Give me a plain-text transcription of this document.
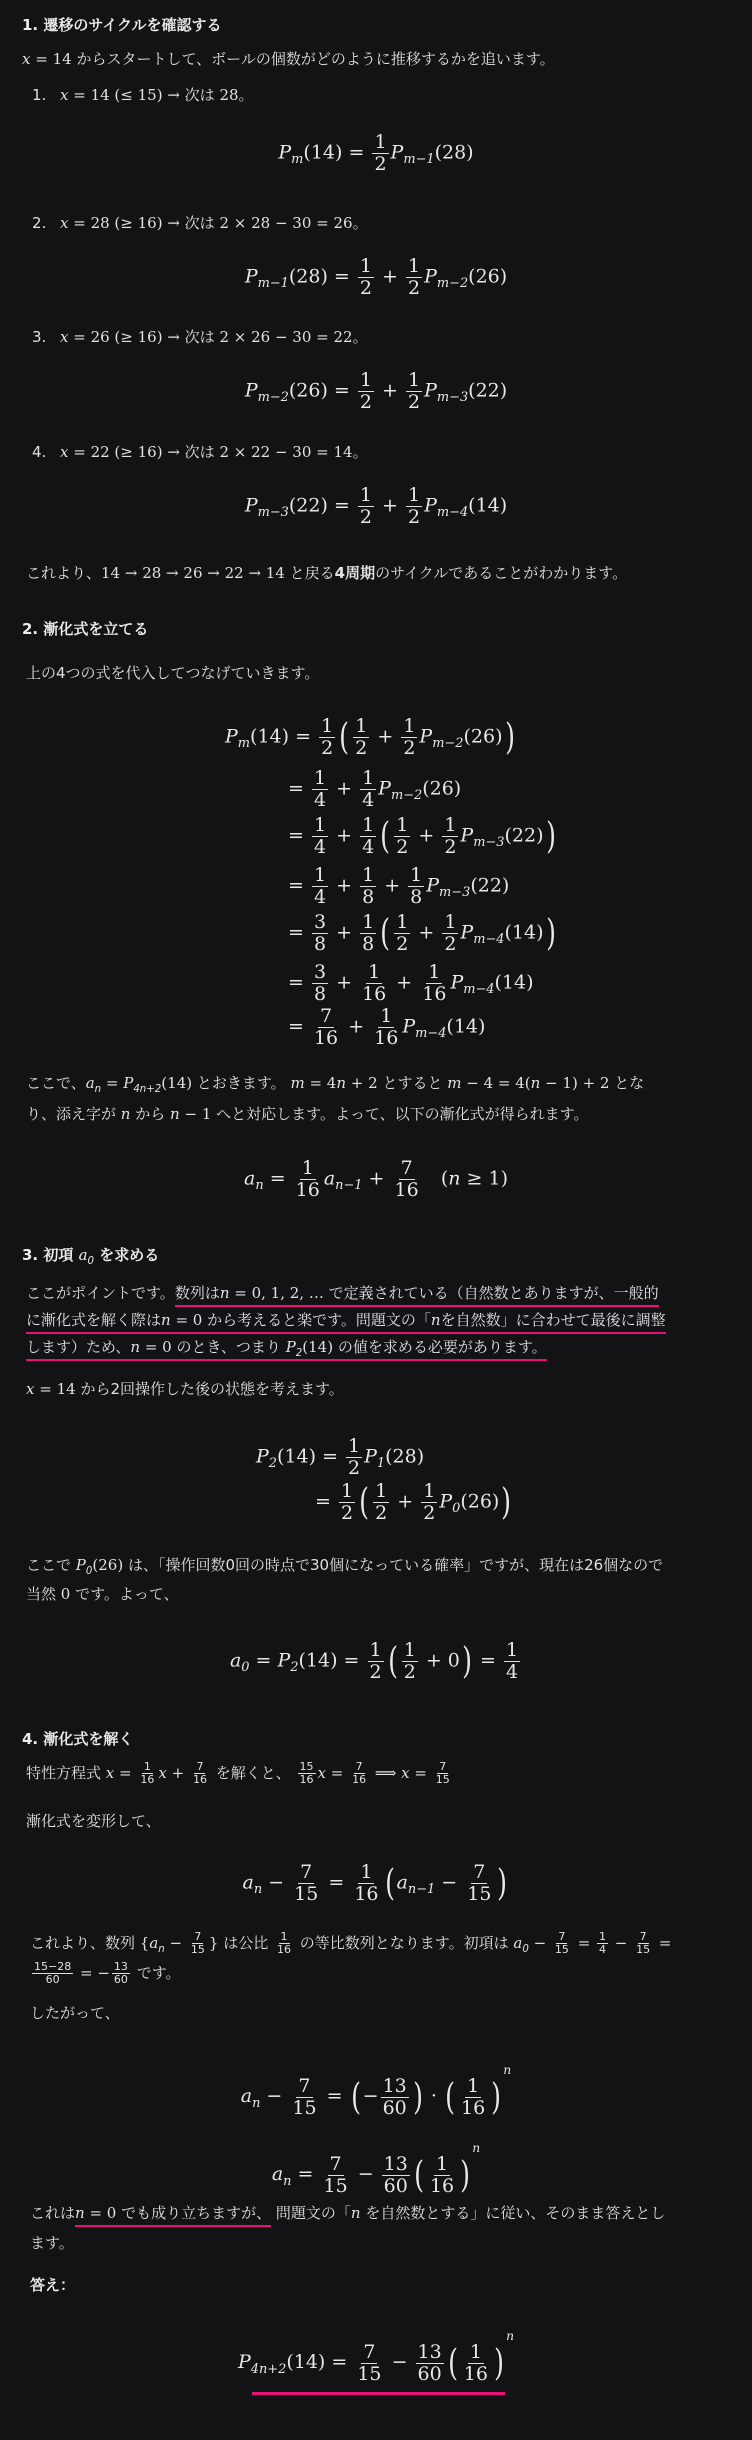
1. 遷移のサイクルを確認する
x = 14 からスタートして、ボールの個数がどのように推移するかを追います。
1. x = 14 (≤ 15) → 次は 28。
$P_m(14) = \frac{1}{2} P_{m-1}(28)$
2. x = 28 (≥ 16) → 次は 2 × 28 − 30 = 26。
$P_{m-1}(28) = \frac{1}{2} + \frac{1}{2} P_{m-2}(26)$
3. x = 26 (≥ 16) → 次は 2 × 26 − 30 = 22。
$P_{m-2}(26) = \frac{1}{2} + \frac{1}{2} P_{m-3}(22)$
4. x = 22 (≥ 16) → 次は 2 × 22 − 30 = 14。
$P_{m-3}(22) = \frac{1}{2} + \frac{1}{2} P_{m-4}(14)$
これより、14 → 28 → 26 → 22 → 14 と戻る4周期のサイクルであることがわかります。
2. 漸化式を立てる
上の4つの式を代入してつなげていきます。
$P_m(14) = \frac{1}{2}$ ( $\frac{1}{2} + \frac{1}{2} P_{m-2}(26)$)
= $\frac{1}{4} + \frac{1}{4} P_{m-2}(26)$
= $\frac{1}{4} + \frac{1}{4}$ ( $\frac{1}{2} + \frac{1}{2} P_{m-3}(22)$)
= $\frac{1}{4} + \frac{1}{8} + \frac{1}{8} P_{m-3}(22)$
= $\frac{3}{8} + \frac{1}{8}$ ( $\frac{1}{2} + \frac{1}{2} P_{m-4}(14)$)
= $\frac{3}{8} + \frac{1}{16} + \frac{1}{16} P_{m-4}(14)$
= $\frac{7}{16} + \frac{1}{16} P_{m-4}(14)$
ここで、$a_n = P_{4n+2}(14)$ とおきます。 m = 4n + 2 とすると m − 4 = 4(n − 1) + 2 とな
り、添え字が n から n − 1 へと対応します。よって、以下の漸化式が得られます。
$a_n = \frac{1}{16} a_{n-1} + \frac{7}{16} (n \ge 1)$
3. 初項 $a_0$ を求める
ここがポイントです。数列はn = 0, 1, 2, … で定義されている（自然数とありますが、一般的
に漸化式を解く際はn = 0 から考えると楽です。問題文の「nを自然数」に合わせて最後に調整
します）ため、n = 0 のとき、つまり $P_2(14)$ の値を求める必要があります。
x = 14 から2回操作した後の状態を考えます。
$P_2(14) = \frac{1}{2} P_1(28)$
= $\frac{1}{2}$ ( $\frac{1}{2} + \frac{1}{2} P_0(26)$)
ここで $P_0(26)$ は、「操作回数0回の時点で30個になっている確率」ですが、現在は26個なので
当然 0 です。よって、
$a_0 = P_2(14) = \frac{1}{2}$ ( $\frac{1}{2} + 0) = \frac{1}{4}$
4. 漸化式を解く
特性方程式 $x = \frac{1}{16}$ $x + \frac{7}{16}$ を解くと、 $\frac{15}{16}$ $x = \frac{7}{16}$ ⟹ $x = \frac{7}{15}$
漸化式を変形して、
$a_n - \frac{7}{15} = \frac{1}{16}$ ( $a_{n-1} - \frac{7}{15}$ )
これより、数列 {$a_n - \frac{7}{15}$ } は公比 $\frac{1}{16}$ の等比数列となります。初項は $a_0 - \frac{7}{15} = \frac{1}{4} - \frac{7}{15}$ =
$\frac{15-28}{60}$ = − $\frac{13}{60}$ です。
したがって、
$a_n - \frac{7}{15}$ = ( − $\frac{13}{60}$ ) · ( $\frac{1}{16} )^n$
$a_n = \frac{7}{15} - \frac{13}{60}$ ( $\frac{1}{16} )^n$
これはn = 0 でも成り立ちますが、 問題文の「n を自然数とする」に従い、そのまま答えとし
ます。
答え：
$P_{4n+2}(14) = \frac{7}{15} - \frac{13}{60}$ ( $\frac{1}{16} )^n$
